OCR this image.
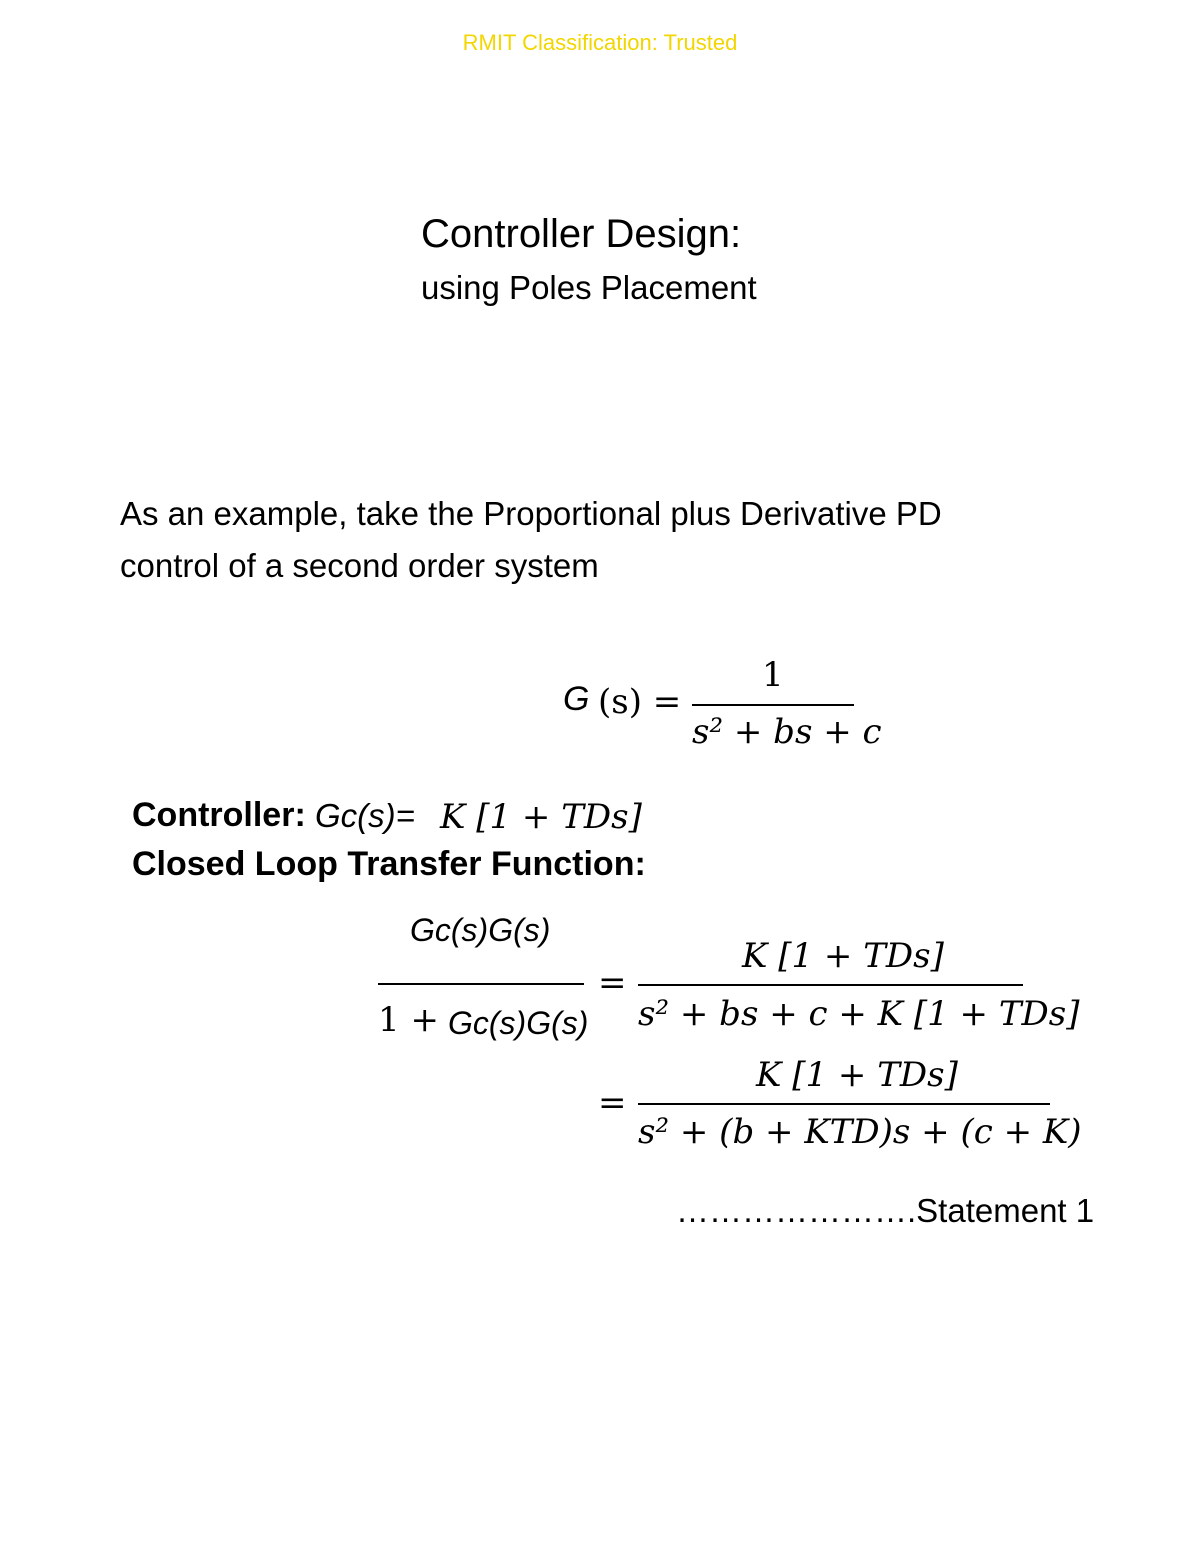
RMIT Classification: Trusted
Controller Design:
using Poles Placement
As an example, take the Proportional plus Derivative PD control of a second order system
G (s) =
1
s² + bs + c
Controller: Gc(s)= K [1 + TDs]
Closed Loop Transfer Function:
Gc(s)G(s)
1 + Gc(s)G(s)
=
K [1 + TDs]
s² + bs + c + K [1 + TDs]
=
K [1 + TDs]
s² + (b + KTD)s + (c + K)
………………….Statement 1
